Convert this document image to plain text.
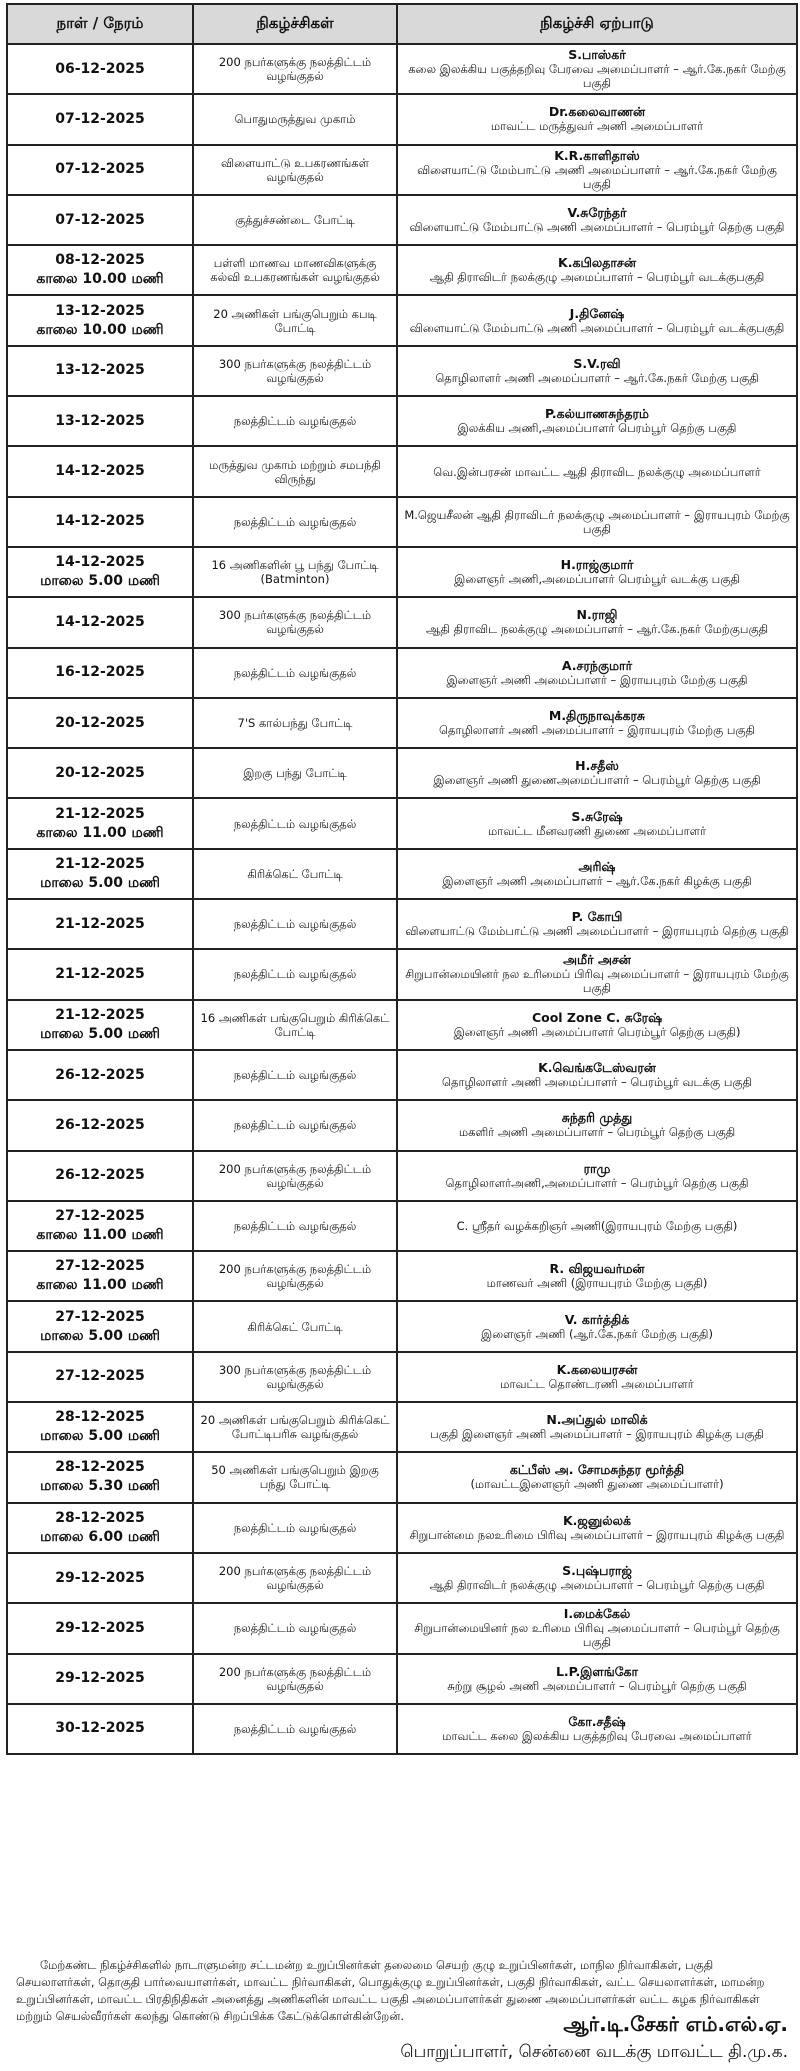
நாள் / நேரம்	நிகழ்ச்சிகள்	நிகழ்ச்சி ஏற்பாடு

06-12-2025	200 நபர்களுக்கு நலத்திட்டம் வழங்குதல்	S.பாஸ்கர்
கலை இலக்கிய பகுத்தறிவு பேரவை அமைப்பாளர் – ஆர்.கே.நகர் மேற்கு பகுதி

07-12-2025	பொதுமருத்துவ முகாம்	Dr.கலைவாணன்
மாவட்ட மருத்துவர் அணி அமைப்பாளர்

07-12-2025	விளையாட்டு உபகரணங்கள் வழங்குதல்	K.R.காளிதாஸ்
விளையாட்டு மேம்பாட்டு அணி அமைப்பாளர் – ஆர்.கே.நகர் மேற்கு பகுதி

07-12-2025	குத்துச்சண்டை போட்டி	V.சுரேந்தர்
விளையாட்டு மேம்பாட்டு அணி அமைப்பாளர் – பெரம்பூர் தெற்கு பகுதி

08-12-2025
காலை 10.00 மணி	பள்ளி மாணவ மாணவிகளுக்கு கல்வி உபகரணங்கள் வழங்குதல்	K.கபிலதாசன்
ஆதி திராவிடர் நலக்குழு அமைப்பாளர் – பெரம்பூர் வடக்குபகுதி

13-12-2025
காலை 10.00 மணி	20 அணிகள் பங்குபெறும் கபடி போட்டி	J.தினேஷ்
விளையாட்டு மேம்பாட்டு அணி அமைப்பாளர் – பெரம்பூர் வடக்குபகுதி

13-12-2025	300 நபர்களுக்கு நலத்திட்டம் வழங்குதல்	S.V.ரவி
தொழிலாளர் அணி அமைப்பாளர் – ஆர்.கே.நகர் மேற்கு பகுதி

13-12-2025	நலத்திட்டம் வழங்குதல்	P.கல்யாணசுந்தரம்
இலக்கிய அணி,அமைப்பாளர் பெரம்பூர் தெற்கு பகுதி

14-12-2025	மருத்துவ முகாம் மற்றும் சமபந்தி விருந்து	வெ.இன்பரசன் மாவட்ட ஆதி திராவிட நலக்குழு அமைப்பாளர்

14-12-2025	நலத்திட்டம் வழங்குதல்	M.ஜெயசீலன் ஆதி திராவிடர் நலக்குழு அமைப்பாளர் – இராயபுரம் மேற்கு பகுதி

14-12-2025
மாலை 5.00 மணி	16 அணிகளின் பூ பந்து போட்டி (Batminton)	H.ராஜ்குமார்
இளைஞர் அணி,அமைப்பாளர் பெரம்பூர் வடக்கு பகுதி

14-12-2025	300 நபர்களுக்கு நலத்திட்டம் வழங்குதல்	N.ராஜி
ஆதி திராவிட நலக்குழு அமைப்பாளர் – ஆர்.கே.நகர் மேற்குபகுதி

16-12-2025	நலத்திட்டம் வழங்குதல்	A.சரந்குமார்
இளைஞர் அணி அமைப்பாளர் – இராயபுரம் மேற்கு பகுதி

20-12-2025	7'S கால்பந்து போட்டி	M.திருநாவுக்கரசு
தொழிலாளர் அணி அமைப்பாளர் – இராயபுரம் மேற்கு பகுதி

20-12-2025	இறகு பந்து போட்டி	H.சதீஸ்
இளைஞர் அணி துணைஅமைப்பாளர் – பெரம்பூர் தெற்கு பகுதி

21-12-2025
காலை 11.00 மணி	நலத்திட்டம் வழங்குதல்	S.சுரேஷ்
மாவட்ட மீனவரணி துணை அமைப்பாளர்

21-12-2025
மாலை 5.00 மணி	கிரிக்கெட் போட்டி	அரிஷ்
இளைஞர் அணி அமைப்பாளர் – ஆர்.கே.நகர் கிழக்கு பகுதி

21-12-2025	நலத்திட்டம் வழங்குதல்	P. கோபி
விளையாட்டு மேம்பாட்டு அணி அமைப்பாளர் – இராயபுரம் தெற்கு பகுதி

21-12-2025	நலத்திட்டம் வழங்குதல்	அமீர் அசன்
சிறுபான்மையினர் நல உரிமைப் பிரிவு அமைப்பாளர் – இராயபுரம் மேற்கு பகுதி

21-12-2025
மாலை 5.00 மணி	16 அணிகள் பங்குபெறும் கிரிக்கெட் போட்டி	Cool Zone C. சுரேஷ்
இளைஞர் அணி அமைப்பாளர் பெரம்பூர் தெற்கு பகுதி)

26-12-2025	நலத்திட்டம் வழங்குதல்	K.வெங்கடேஸ்வரன்
தொழிலாளர் அணி அமைப்பாளர் – பெரம்பூர் வடக்கு பகுதி

26-12-2025	நலத்திட்டம் வழங்குதல்	சுந்தரி முத்து
மகளிர் அணி அமைப்பாளர் – பெரம்பூர் தெற்கு பகுதி

26-12-2025	200 நபர்களுக்கு நலத்திட்டம் வழங்குதல்	ராமு
தொழிலாளர்அணி,அமைப்பாளர் – பெரம்பூர் தெற்கு பகுதி

27-12-2025
காலை 11.00 மணி	நலத்திட்டம் வழங்குதல்	C. ஸ்ரீதர் வழக்கறிஞர் அணி(இராயபுரம் மேற்கு பகுதி)

27-12-2025
காலை 11.00 மணி	200 நபர்களுக்கு நலத்திட்டம் வழங்குதல்	R. விஜயவர்மன்
மாணவர் அணி (இராயபுரம் மேற்கு பகுதி)

27-12-2025
மாலை 5.00 மணி	கிரிக்கெட் போட்டி	V. கார்த்திக்
இளைஞர் அணி (ஆர்.கே.நகர் மேற்கு பகுதி)

27-12-2025	300 நபர்களுக்கு நலத்திட்டம் வழங்குதல்	K.கலையரசன்
மாவட்ட தொண்டரணி அமைப்பாளர்

28-12-2025
மாலை 5.00 மணி	20 அணிகள் பங்குபெறும் கிரிக்கெட் போட்டிபரிசு வழங்குதல்	N.அப்துல் மாலிக்
பகுதி இளைஞர் அணி அமைப்பாளர் – இராயபுரம் கிழக்கு பகுதி

28-12-2025
மாலை 5.30 மணி	50 அணிகள் பங்குபெறும் இறகு பந்து போட்டி	கட்பீஸ் அ. சோமசுந்தர மூர்த்தி
(மாவட்டஇளைஞர் அணி துணை அமைப்பாளர்)

28-12-2025
மாலை 6.00 மணி	நலத்திட்டம் வழங்குதல்	K.ஜனுல்லக்
சிறுபான்மை நலஉரிமை பிரிவு அமைப்பாளர் – இராயபுரம் கிழக்கு பகுதி

29-12-2025	200 நபர்களுக்கு நலத்திட்டம் வழங்குதல்	S.புஷ்பராஜ்
ஆதி திராவிடர் நலக்குழு அமைப்பாளர் – பெரம்பூர் தெற்கு பகுதி

29-12-2025	நலத்திட்டம் வழங்குதல்	I.மைக்கேல்
சிறுபான்மையினர் நல உரிமை பிரிவு அமைப்பாளர் – பெரம்பூர் தெற்கு பகுதி

29-12-2025	200 நபர்களுக்கு நலத்திட்டம் வழங்குதல்	L.P.இளங்கோ
சுற்று சூழல் அணி அமைப்பாளர் – பெரம்பூர் தெற்கு பகுதி

30-12-2025	நலத்திட்டம் வழங்குதல்	கோ.சதீஷ்
மாவட்ட கலை இலக்கிய பகுத்தறிவு பேரவை அமைப்பாளர்

மேற்கண்ட நிகழ்ச்சிகளில் நாடாளுமன்ற சட்டமன்ற உறுப்பினர்கள் தலைமை செயற் குழு உறுப்பினர்கள், மாநில நிர்வாகிகள், பகுதி செயலாளர்கள், தொகுதி பார்வையாளர்கள், மாவட்ட நிர்வாகிகள், பொதுக்குழு உறுப்பினர்கள், பகுதி நிர்வாகிகள், வட்ட செயலாளர்கள், மாமன்ற உறுப்பினர்கள், மாவட்ட பிரதிநிதிகள் அனைத்து அணிகளின் மாவட்ட பகுதி அமைப்பாளர்கள் துணை அமைப்பாளர்கள் வட்ட கழக நிர்வாகிகள் மற்றும் செயல்வீரர்கள் கலந்து கொண்டு சிறப்பிக்க கேட்டுக்கொள்கின்றேன்.	ஆர்.டி.சேகர் எம்.எல்.ஏ.
பொறுப்பாளர், சென்னை வடக்கு மாவட்ட தி.மு.க.
